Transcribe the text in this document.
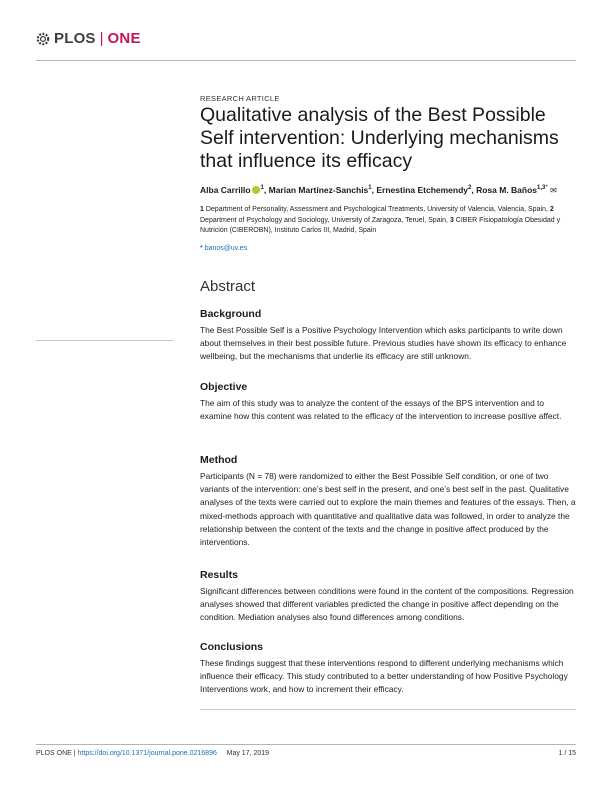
PLOS | ONE
RESEARCH ARTICLE
Qualitative analysis of the Best Possible Self intervention: Underlying mechanisms that influence its efficacy
Alba Carrillo $^1$, Marian Martínez-Sanchis$^1$, Ernestina Etchemendy$^2$, Rosa M. Baños$^{1,3*}$ ✉
1 Department of Personality, Assessment and Psychological Treatments, University of Valencia, Valencia, Spain, 2 Department of Psychology and Sociology, University of Zaragoza, Teruel, Spain, 3 CIBER Fisiopatología Obesidad y Nutrición (CIBEROBN), Instituto Carlos III, Madrid, Spain
* banos@uv.es
Abstract
Background

The Best Possible Self is a Positive Psychology Intervention which asks participants to write down about themselves in their best possible future. Previous studies have shown its efficacy to enhance wellbeing, but the mechanisms that underlie its efficacy are still unknown.

Objective

The aim of this study was to analyze the content of the essays of the BPS intervention and to examine how this content was related to the efficacy of the intervention to increase positive affect.

Method

Participants (N = 78) were randomized to either the Best Possible Self condition, or one of two variants of the intervention: one’s best self in the present, and one’s best self in the past. Qualitative analyses of the texts were carried out to explore the main themes and features of the essays. Then, a mixed-methods approach with quantitative and qualitative data was followed, in order to analyze the relationship between the content of the texts and the change in positive affect produced by the interventions.

Results

Significant differences between conditions were found in the content of the compositions. Regression analyses showed that different variables predicted the change in positive affect depending on the condition. Mediation analyses also found differences among conditions.

Conclusions

These findings suggest that these interventions respond to different underlying mechanisms which influence their efficacy. This study contributed to a better understanding of how Positive Psychology Interventions work, and how to increment their efficacy.

PLOS ONE | https://doi.org/10.1371/journal.pone.0216896 May 17, 2019	1 / 15
